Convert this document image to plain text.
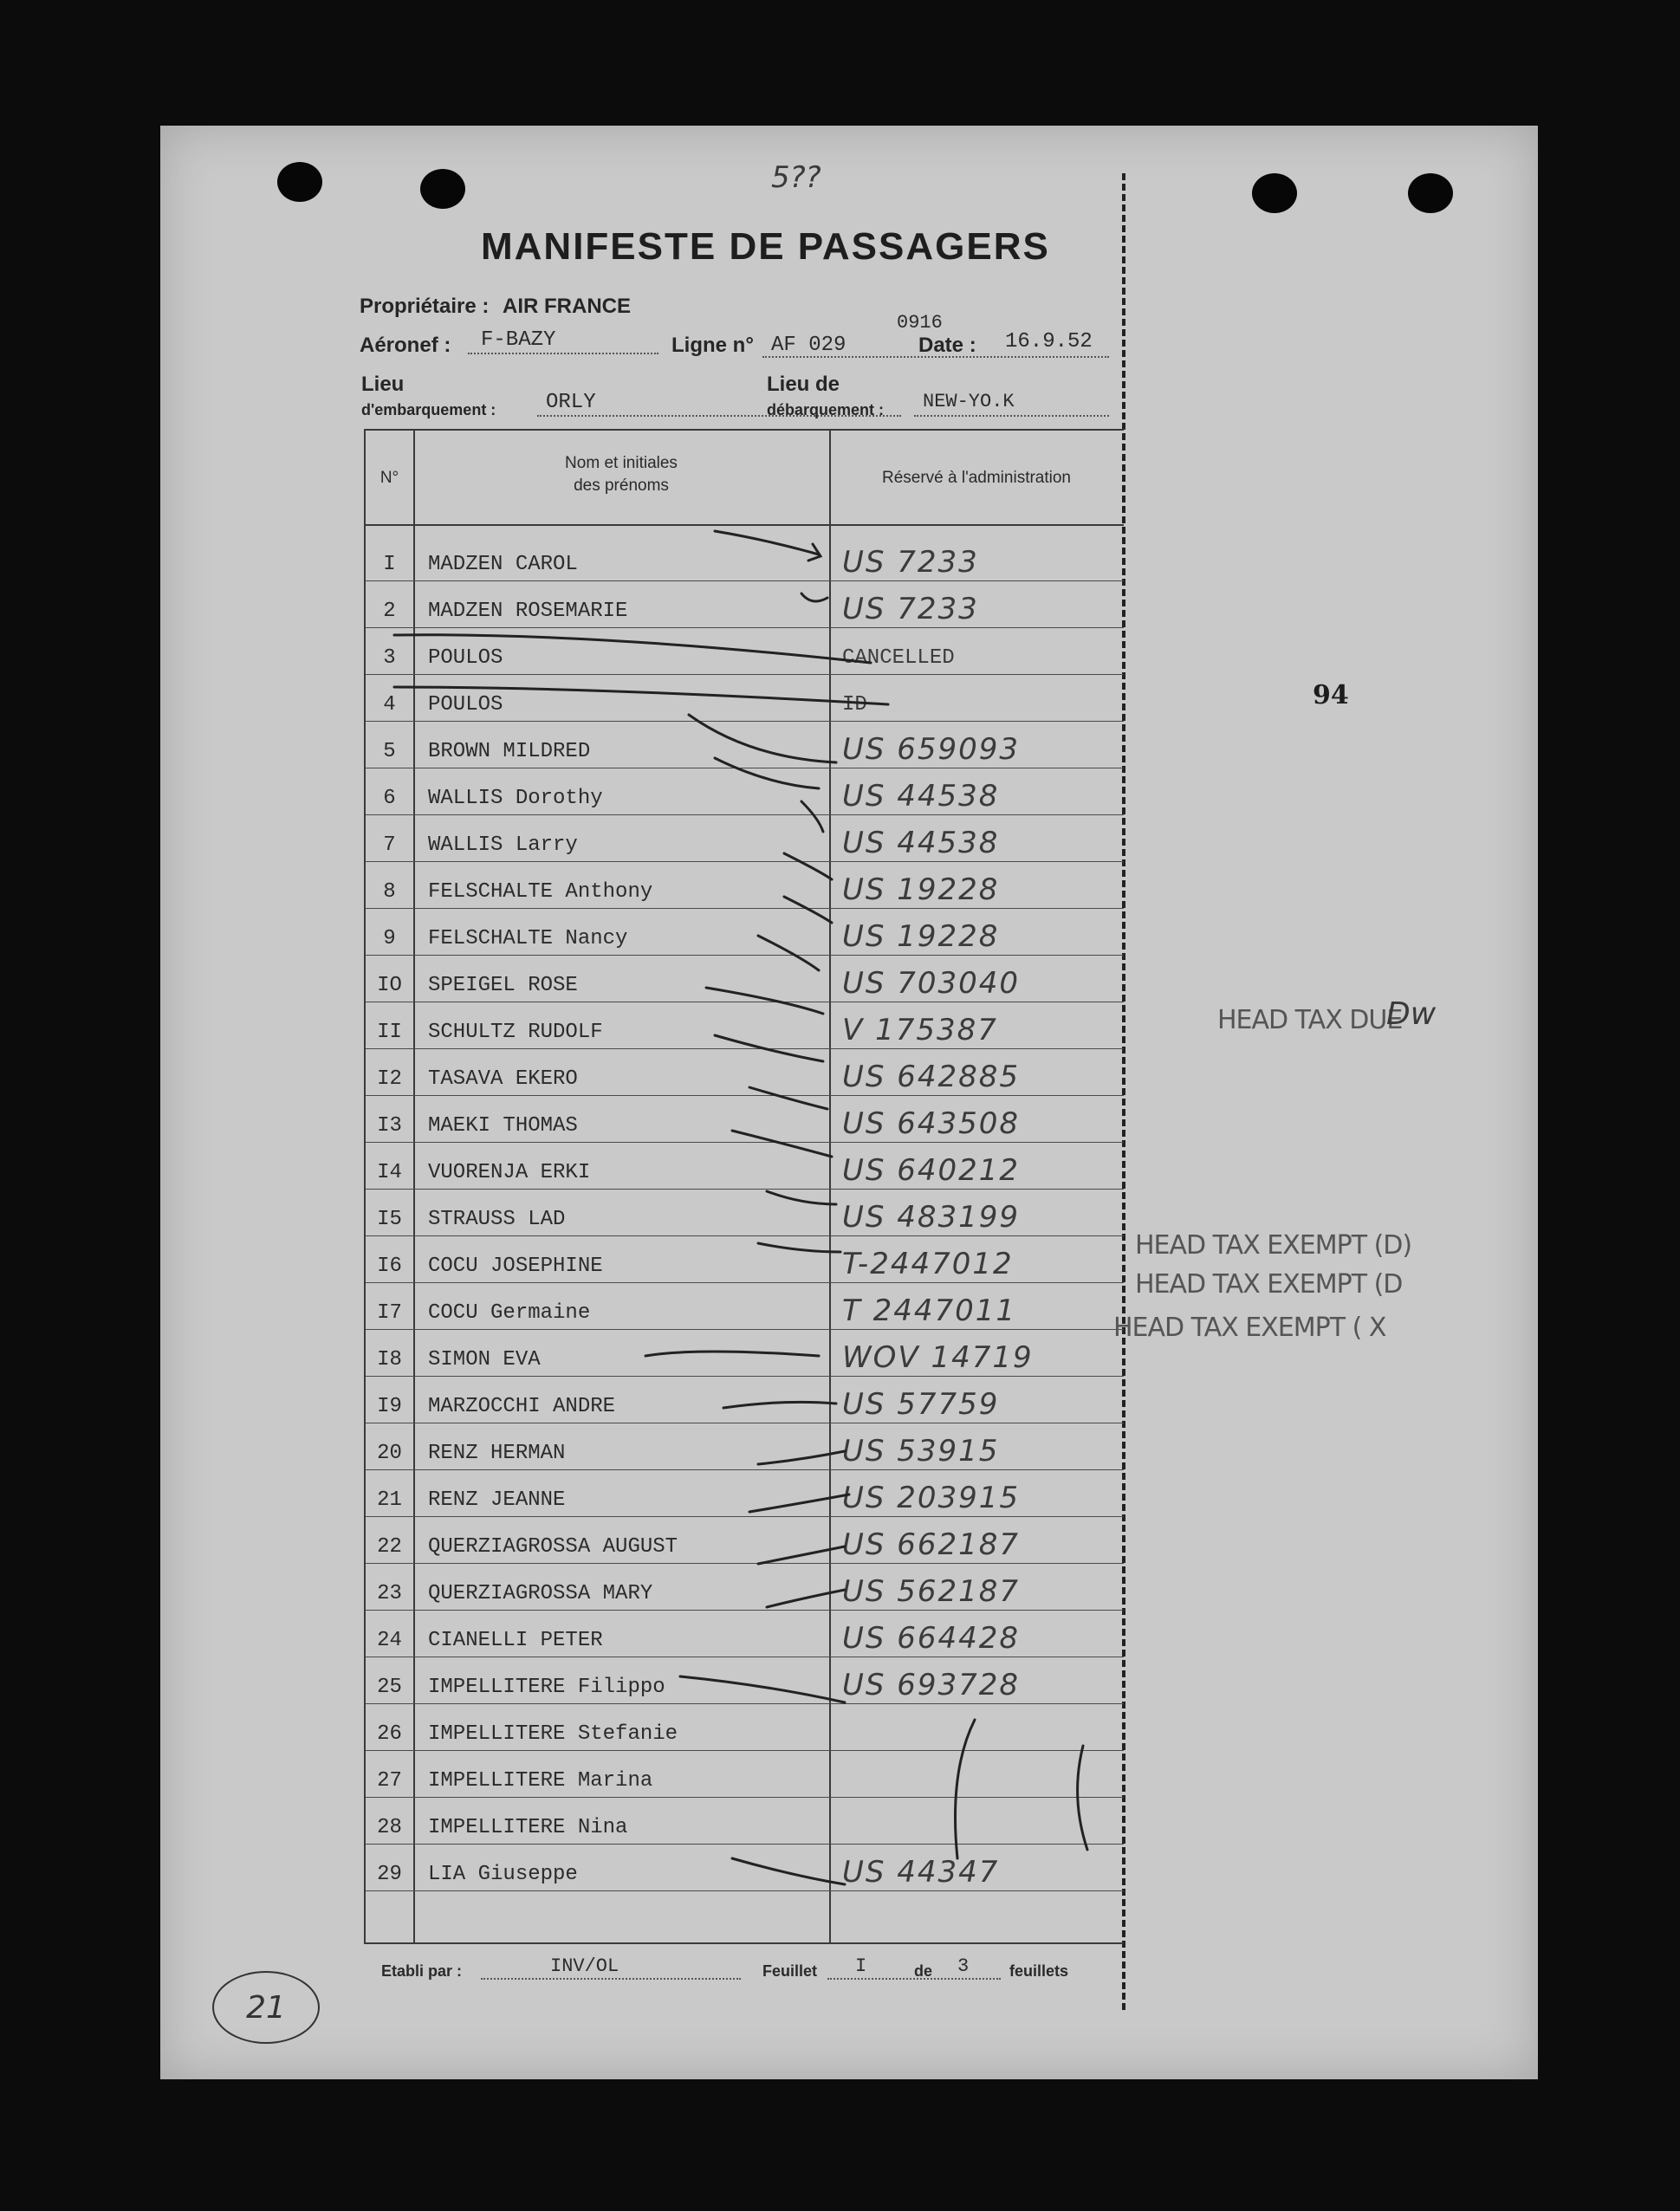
5??
MANIFESTE DE PASSAGERS
Propriétaire : AIR FRANCE
Aéronef : F-BAZY	Ligne n° AF 029
0916
Date : 16.9.52
Lieu
d'embarquement : ORLY
Lieu de
débarquement : NEW-YO.K
N°
Nom et initiales
des prénoms	Réservé à l'administration
I	MADZEN CAROL	US 7233
2	MADZEN ROSEMARIE	US 7233
3	POULOS	CANCELLED
4	POULOS	ID
5	BROWN MILDRED	US 659093
6	WALLIS Dorothy	US 44538
7	WALLIS Larry	US 44538
8	FELSCHALTE Anthony	US 19228
9	FELSCHALTE Nancy	US 19228
IO	SPEIGEL ROSE	US 703040
II	SCHULTZ RUDOLF	V 175387
I2	TASAVA EKERO	US 642885
I3	MAEKI THOMAS	US 643508
I4	VUORENJA ERKI	US 640212
I5	STRAUSS LAD	US 483199
I6	COCU JOSEPHINE	T-2447012
I7	COCU Germaine	T 2447011
I8	SIMON EVA	WOV 14719
I9	MARZOCCHI ANDRE	US 57759
20	RENZ HERMAN	US 53915
21	RENZ JEANNE	US 203915
22	QUERZIAGROSSA AUGUST	US 662187
23	QUERZIAGROSSA MARY	US 562187
24	CIANELLI PETER	US 664428
25	IMPELLITERE Filippo	US 693728
26	IMPELLITERE Stefanie
27	IMPELLITERE Marina
28	IMPELLITERE Nina
29	LIA Giuseppe	US 44347
Etabli par :	INV/OL	Feuillet I	de 3	feuillets
21
94
HEAD TAX DUE
Dw
HEAD TAX EXEMPT (D)
HEAD TAX EXEMPT (D
HEAD TAX EXEMPT ( X
